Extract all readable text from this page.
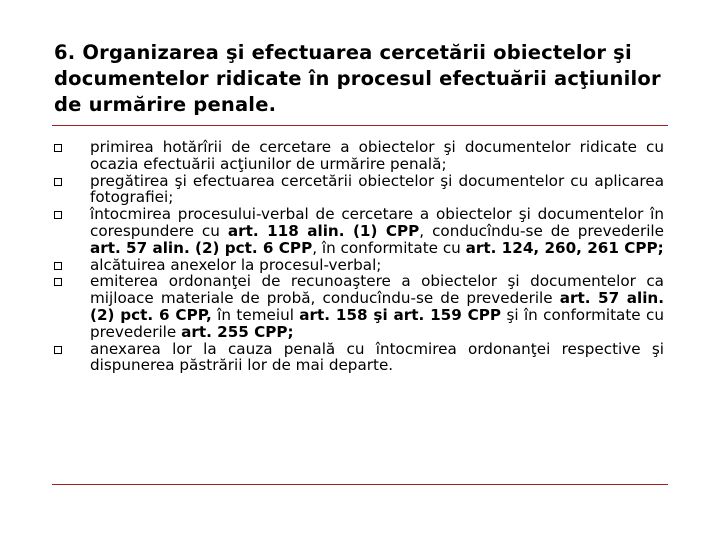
6. Organizarea şi efectuarea cercetării obiectelor şi documentelor ridicate în procesul efectuării acţiunilor de urmărire penale.
primirea hotărîrii de cercetare a obiectelor şi documentelor ridicate cu ocazia efectuării acţiunilor de urmărire penală;
pregătirea şi efectuarea cercetării obiectelor şi documentelor cu aplicarea fotografiei;
întocmirea procesului-verbal de cercetare a obiectelor şi documentelor în corespundere cu art. 118 alin. (1) CPP, conducîndu-se de prevederile art. 57 alin. (2) pct. 6 CPP, în conformitate cu art. 124, 260, 261 CPP;
alcătuirea anexelor la procesul-verbal;
emiterea ordonanţei de recunoaştere a obiectelor şi documentelor ca mijloace materiale de probă, conducîndu-se de prevederile art. 57 alin. (2) pct. 6 CPP, în temeiul art. 158 şi art. 159 CPP şi în conformitate cu prevederile art. 255 CPP;
anexarea lor la cauza penală cu întocmirea ordonanţei respective şi dispunerea păstrării lor de mai departe.
